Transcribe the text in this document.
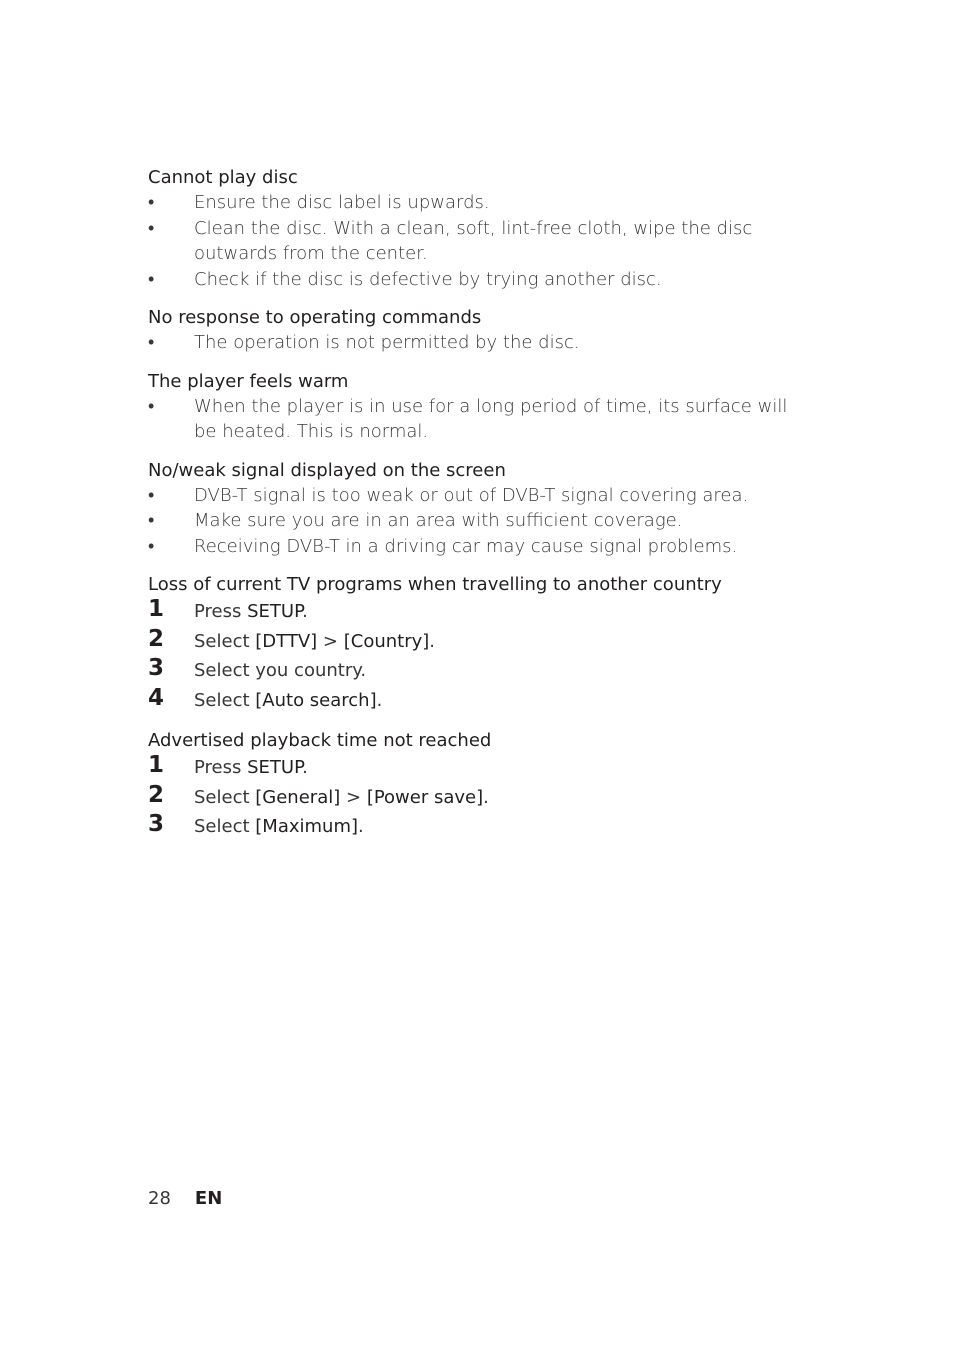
Cannot play disc

•	Ensure the disc label is upwards.
•	Clean the disc. With a clean, soft, lint-free cloth, wipe the disc outwards from the center.
•	Check if the disc is defective by trying another disc.

No response to operating commands

•	The operation is not permitted by the disc.

The player feels warm

•	When the player is in use for a long period of time, its surface will be heated. This is normal.

No/weak signal displayed on the screen

•	DVB-T signal is too weak or out of DVB-T signal covering area.
•	Make sure you are in an area with sufficient coverage.
•	Receiving DVB-T in a driving car may cause signal problems.

Loss of current TV programs when travelling to another country

1 Press SETUP.
2 Select [DTTV] > [Country].
3 Select you country.
4 Select [Auto search].

Advertised playback time not reached

1 Press SETUP.
2 Select [General] > [Power save].
3 Select [Maximum].
28 EN
